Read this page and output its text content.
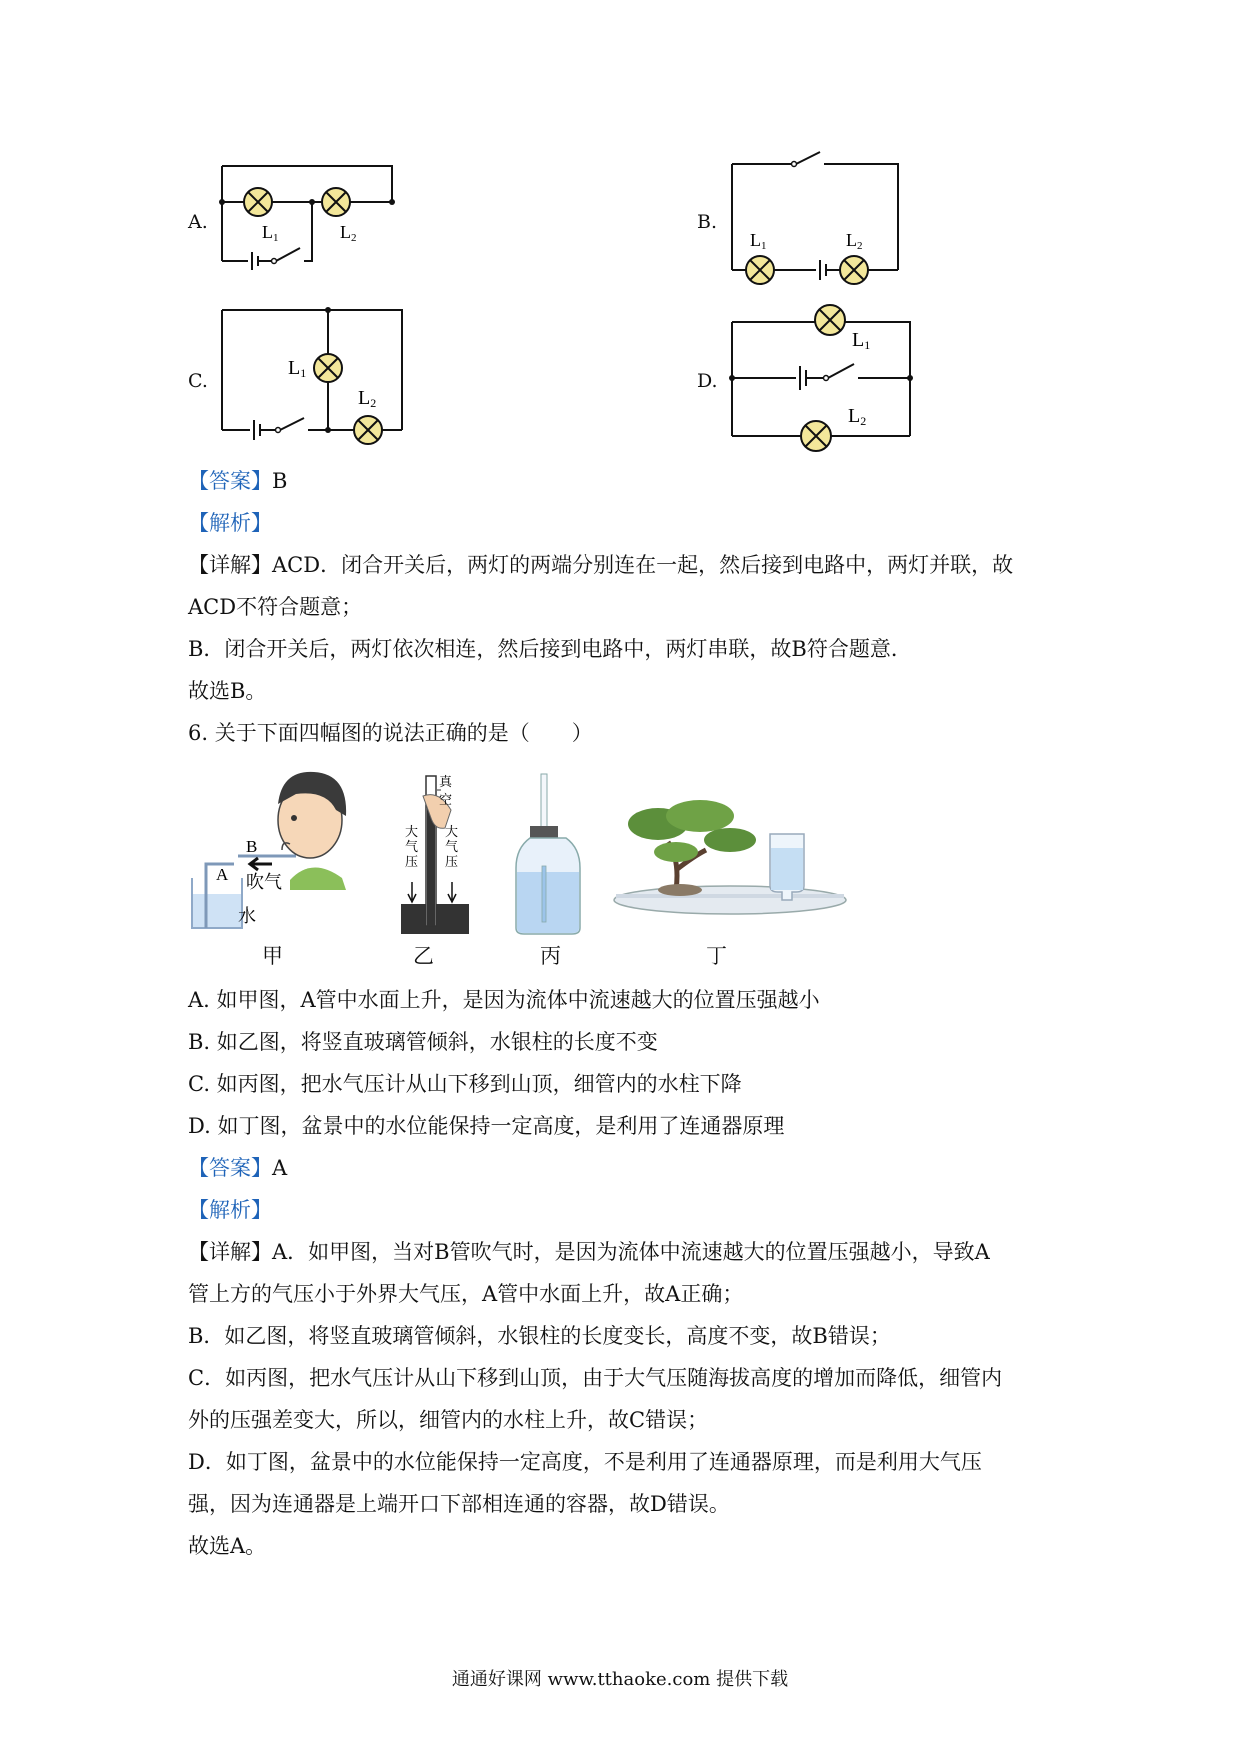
A.	L1	L2
B.
L1	L2
C.
L1
L2
D.
L1
L2
【答案】B
【解析】
【详解】ACD．闭合开关后，两灯的两端分别连在一起，然后接到电路中，两灯并联，故
ACD不符合题意；
B．闭合开关后，两灯依次相连，然后接到电路中，两灯串联，故B符合题意．
故选B。
6. 关于下面四幅图的说法正确的是（　　）
B
A 吹气
水
甲
真
空
大气压
大气压
乙	丙	丁
A. 如甲图，A管中水面上升，是因为流体中流速越大的位置压强越小
B. 如乙图，将竖直玻璃管倾斜，水银柱的长度不变
C. 如丙图，把水气压计从山下移到山顶，细管内的水柱下降
D. 如丁图，盆景中的水位能保持一定高度，是利用了连通器原理
【答案】A
【解析】
【详解】A．如甲图，当对B管吹气时，是因为流体中流速越大的位置压强越小，导致A
管上方的气压小于外界大气压，A管中水面上升，故A正确；
B．如乙图，将竖直玻璃管倾斜，水银柱的长度变长，高度不变，故B错误；
C．如丙图，把水气压计从山下移到山顶，由于大气压随海拔高度的增加而降低，细管内
外的压强差变大，所以，细管内的水柱上升，故C错误；
D．如丁图，盆景中的水位能保持一定高度，不是利用了连通器原理，而是利用大气压
强，因为连通器是上端开口下部相连通的容器，故D错误。
故选A。
通通好课网 www.tthaoke.com 提供下载
